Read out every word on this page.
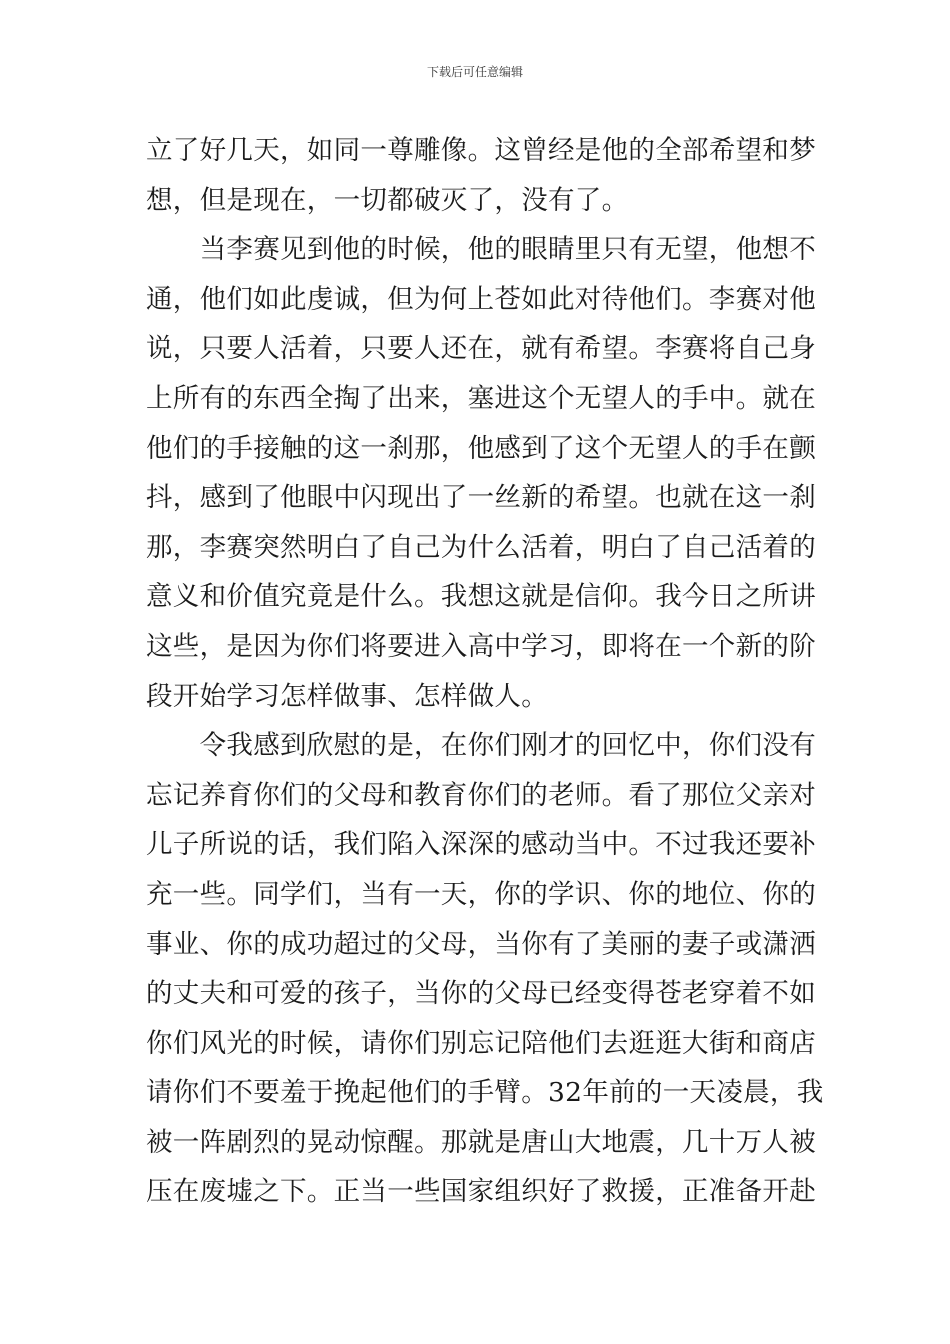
下载后可任意编辑
立了好几天，如同一尊雕像。这曾经是他的全部希望和梦
想，但是现在，一切都破灭了，没有了。
　　当李赛见到他的时候，他的眼睛里只有无望，他想不
通，他们如此虔诚，但为何上苍如此对待他们。李赛对他
说，只要人活着，只要人还在，就有希望。李赛将自己身
上所有的东西全掏了出来，塞进这个无望人的手中。就在
他们的手接触的这一刹那，他感到了这个无望人的手在颤
抖，感到了他眼中闪现出了一丝新的希望。也就在这一刹
那，李赛突然明白了自己为什么活着，明白了自己活着的
意义和价值究竟是什么。我想这就是信仰。我今日之所讲
这些，是因为你们将要进入高中学习，即将在一个新的阶
段开始学习怎样做事、怎样做人。
　　令我感到欣慰的是，在你们刚才的回忆中，你们没有
忘记养育你们的父母和教育你们的老师。看了那位父亲对
儿子所说的话，我们陷入深深的感动当中。不过我还要补
充一些。同学们，当有一天，你的学识、你的地位、你的
事业、你的成功超过的父母，当你有了美丽的妻子或潇洒
的丈夫和可爱的孩子，当你的父母已经变得苍老穿着不如
你们风光的时候，请你们别忘记陪他们去逛逛大街和商店
请你们不要羞于挽起他们的手臂。32年前的一天凌晨，我
被一阵剧烈的晃动惊醒。那就是唐山大地震，几十万人被
压在废墟之下。正当一些国家组织好了救援，正准备开赴
